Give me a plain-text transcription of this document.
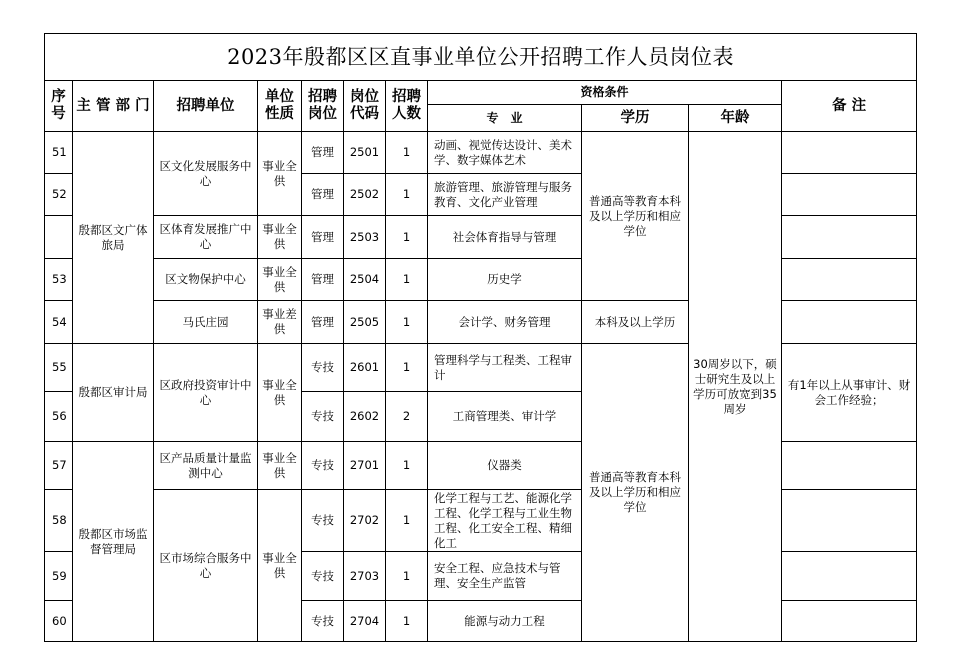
2023年殷都区区直事业单位公开招聘工作人员岗位表										
序号	主 管 部 门	招聘单位	单位性质	招聘岗位	岗位代码	招聘人数	资格条件			备 注
							专　业	学历	年龄	
51	殷都区文广体旅局	区文化发展服务中心	事业全供	管理	2501	1	动画、视觉传达设计、美术学、数字媒体艺术	普通高等教育本科及以上学历和相应学位	30周岁以下，硕士研究生及以上学历可放宽到35周岁	
52				管理	2502	1	旅游管理、旅游管理与服务教育、文化产业管理			
		区体育发展推广中心	事业全供	管理	2503	1	社会体育指导与管理			
53		区文物保护中心	事业全供	管理	2504	1	历史学			
54		马氏庄园	事业差供	管理	2505	1	会计学、财务管理	本科及以上学历		
55	殷都区审计局	区政府投资审计中心	事业全供	专技	2601	1	管理科学与工程类、工程审计	普通高等教育本科及以上学历和相应学位		有1年以上从事审计、财会工作经验；
56				专技	2602	2	工商管理类、审计学			
57	殷都区市场监督管理局	区产品质量计量监测中心	事业全供	专技	2701	1	仪器类			
58		区市场综合服务中心	事业全供	专技	2702	1	化学工程与工艺、能源化学工程、化学工程与工业生物工程、化工安全工程、精细化工			
59				专技	2703	1	安全工程、应急技术与管理、安全生产监管			
60				专技	2704	1	能源与动力工程			
